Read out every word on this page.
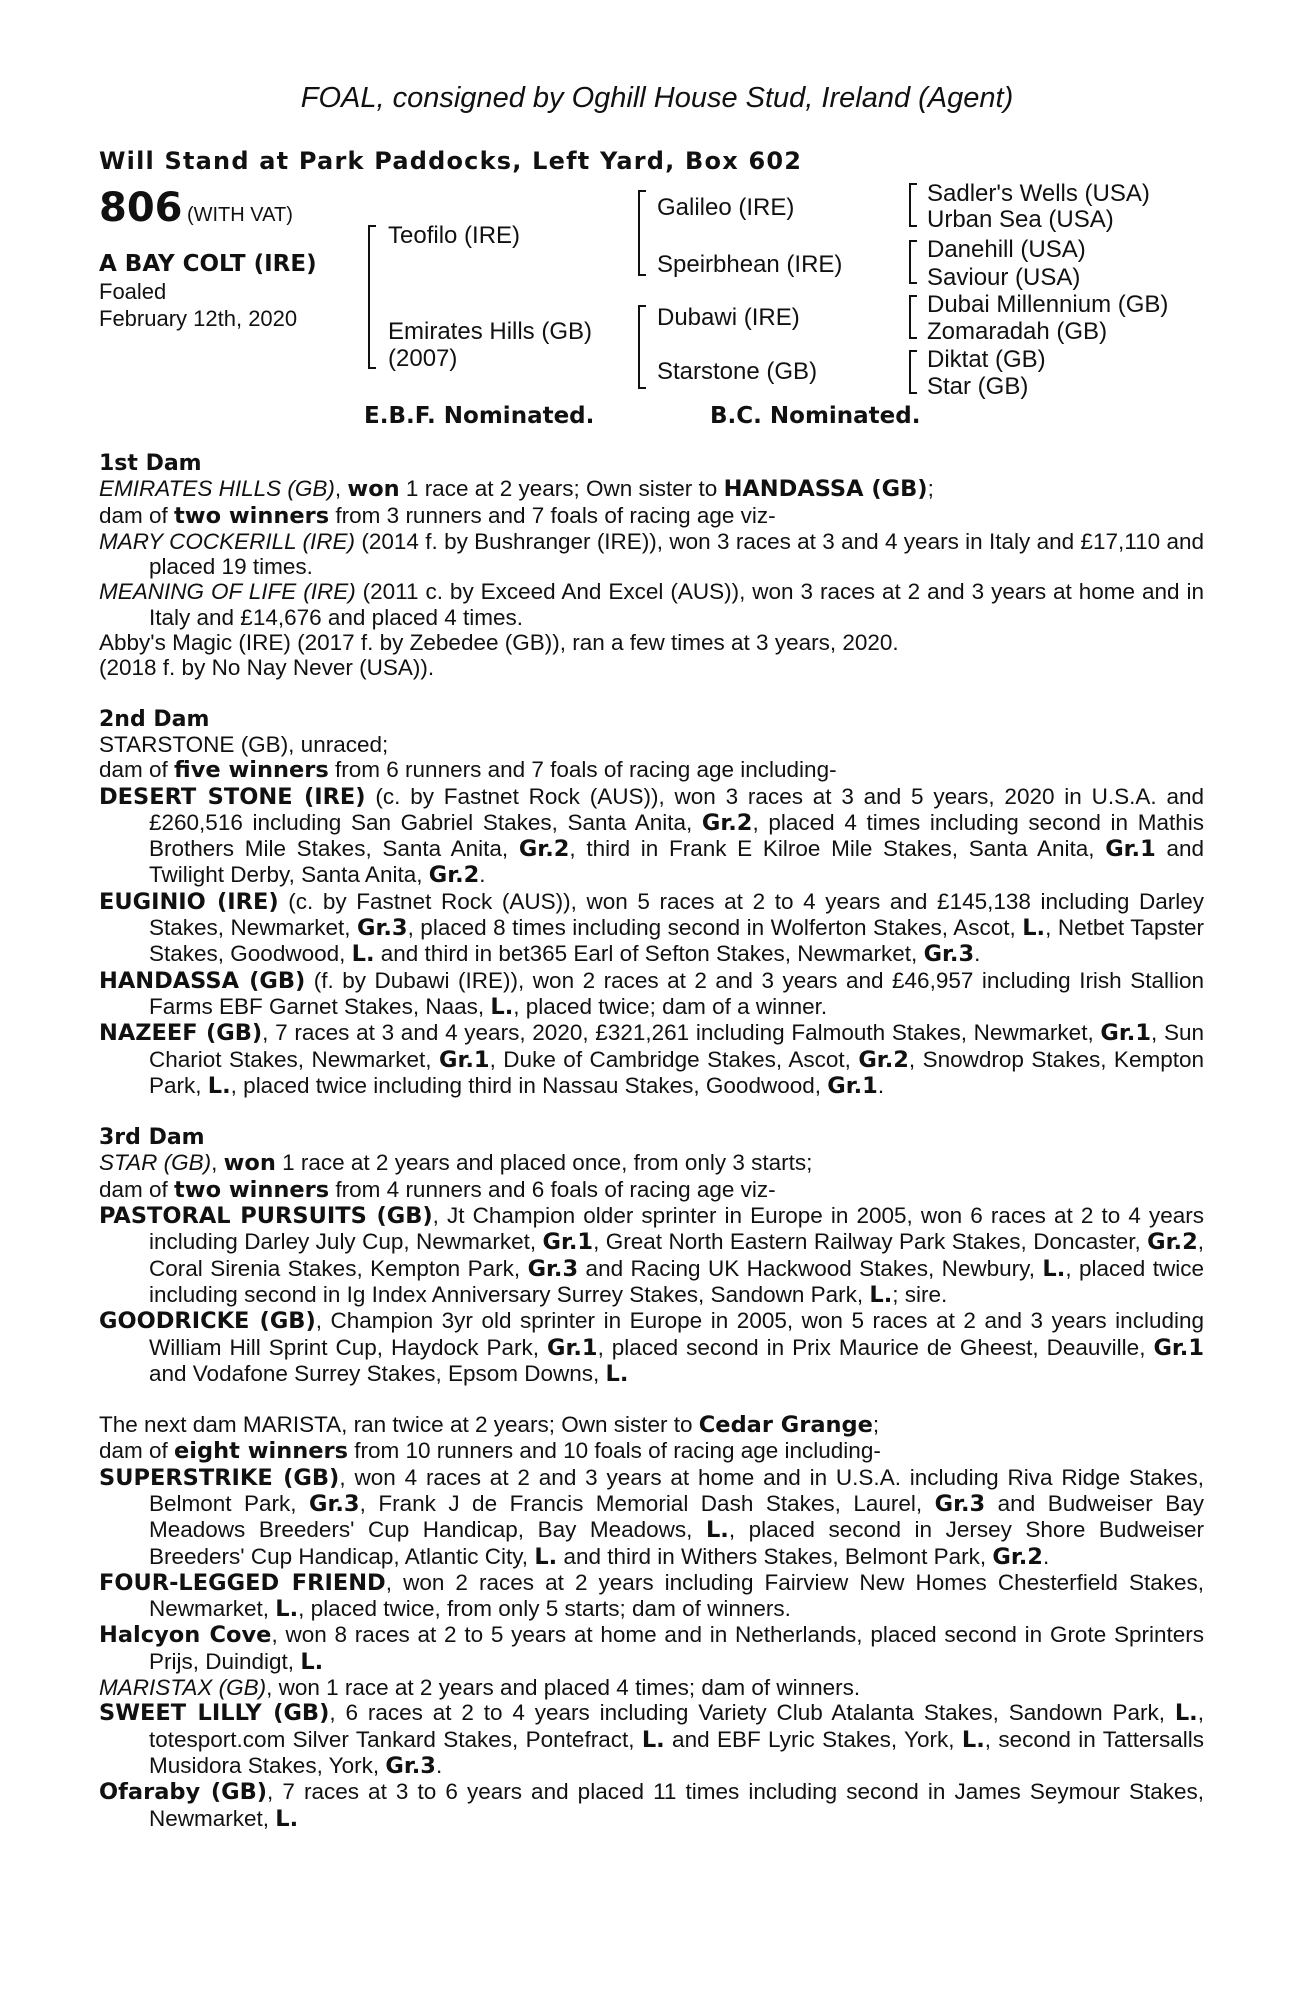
FOAL, consigned by Oghill House Stud, Ireland (Agent)
Will Stand at Park Paddocks, Left Yard, Box 602
806 (WITH VAT)
A BAY COLT (IRE)
Foaled
February 12th, 2020
Teofilo (IRE)
Emirates Hills (GB)
(2007)
Galileo (IRE)
Speirbhean (IRE)
Dubawi (IRE)
Starstone (GB)
Sadler's Wells (USA)
Urban Sea (USA)
Danehill (USA)
Saviour (USA)
Dubai Millennium (GB)
Zomaradah (GB)
Diktat (GB)
Star (GB)
E.B.F. Nominated.	B.C. Nominated.

1st Dam

EMIRATES HILLS (GB), won 1 race at 2 years; Own sister to HANDASSA (GB);

dam of two winners from 3 runners and 7 foals of racing age viz-

MARY COCKERILL (IRE) (2014 f. by Bushranger (IRE)), won 3 races at 3 and 4 years in Italy and £17,110 and placed 19 times.

MEANING OF LIFE (IRE) (2011 c. by Exceed And Excel (AUS)), won 3 races at 2 and 3 years at home and in Italy and £14,676 and placed 4 times.

Abby's Magic (IRE) (2017 f. by Zebedee (GB)), ran a few times at 3 years, 2020.

(2018 f. by No Nay Never (USA)).

2nd Dam

STARSTONE (GB), unraced;

dam of five winners from 6 runners and 7 foals of racing age including-

DESERT STONE (IRE) (c. by Fastnet Rock (AUS)), won 3 races at 3 and 5 years, 2020 in U.S.A. and £260,516 including San Gabriel Stakes, Santa Anita, Gr.2, placed 4 times including second in Mathis Brothers Mile Stakes, Santa Anita, Gr.2, third in Frank E Kilroe Mile Stakes, Santa Anita, Gr.1 and Twilight Derby, Santa Anita, Gr.2.

EUGINIO (IRE) (c. by Fastnet Rock (AUS)), won 5 races at 2 to 4 years and £145,138 including Darley Stakes, Newmarket, Gr.3, placed 8 times including second in Wolferton Stakes, Ascot, L., Netbet Tapster Stakes, Goodwood, L. and third in bet365 Earl of Sefton Stakes, Newmarket, Gr.3.

HANDASSA (GB) (f. by Dubawi (IRE)), won 2 races at 2 and 3 years and £46,957 including Irish Stallion Farms EBF Garnet Stakes, Naas, L., placed twice; dam of a winner.

NAZEEF (GB), 7 races at 3 and 4 years, 2020, £321,261 including Falmouth Stakes, Newmarket, Gr.1, Sun Chariot Stakes, Newmarket, Gr.1, Duke of Cambridge Stakes, Ascot, Gr.2, Snowdrop Stakes, Kempton Park, L., placed twice including third in Nassau Stakes, Goodwood, Gr.1.

3rd Dam

STAR (GB), won 1 race at 2 years and placed once, from only 3 starts;

dam of two winners from 4 runners and 6 foals of racing age viz-

PASTORAL PURSUITS (GB), Jt Champion older sprinter in Europe in 2005, won 6 races at 2 to 4 years including Darley July Cup, Newmarket, Gr.1, Great North Eastern Railway Park Stakes, Doncaster, Gr.2, Coral Sirenia Stakes, Kempton Park, Gr.3 and Racing UK Hackwood Stakes, Newbury, L., placed twice including second in Ig Index Anniversary Surrey Stakes, Sandown Park, L.; sire.

GOODRICKE (GB), Champion 3yr old sprinter in Europe in 2005, won 5 races at 2 and 3 years including William Hill Sprint Cup, Haydock Park, Gr.1, placed second in Prix Maurice de Gheest, Deauville, Gr.1 and Vodafone Surrey Stakes, Epsom Downs, L.

The next dam MARISTA, ran twice at 2 years; Own sister to Cedar Grange;

dam of eight winners from 10 runners and 10 foals of racing age including-

SUPERSTRIKE (GB), won 4 races at 2 and 3 years at home and in U.S.A. including Riva Ridge Stakes, Belmont Park, Gr.3, Frank J de Francis Memorial Dash Stakes, Laurel, Gr.3 and Budweiser Bay Meadows Breeders' Cup Handicap, Bay Meadows, L., placed second in Jersey Shore Budweiser Breeders' Cup Handicap, Atlantic City, L. and third in Withers Stakes, Belmont Park, Gr.2.

FOUR-LEGGED FRIEND, won 2 races at 2 years including Fairview New Homes Chesterfield Stakes, Newmarket, L., placed twice, from only 5 starts; dam of winners.

Halcyon Cove, won 8 races at 2 to 5 years at home and in Netherlands, placed second in Grote Sprinters Prijs, Duindigt, L.

MARISTAX (GB), won 1 race at 2 years and placed 4 times; dam of winners.

SWEET LILLY (GB), 6 races at 2 to 4 years including Variety Club Atalanta Stakes, Sandown Park, L., totesport.com Silver Tankard Stakes, Pontefract, L. and EBF Lyric Stakes, York, L., second in Tattersalls Musidora Stakes, York, Gr.3.

Ofaraby (GB), 7 races at 3 to 6 years and placed 11 times including second in James Seymour Stakes, Newmarket, L.
